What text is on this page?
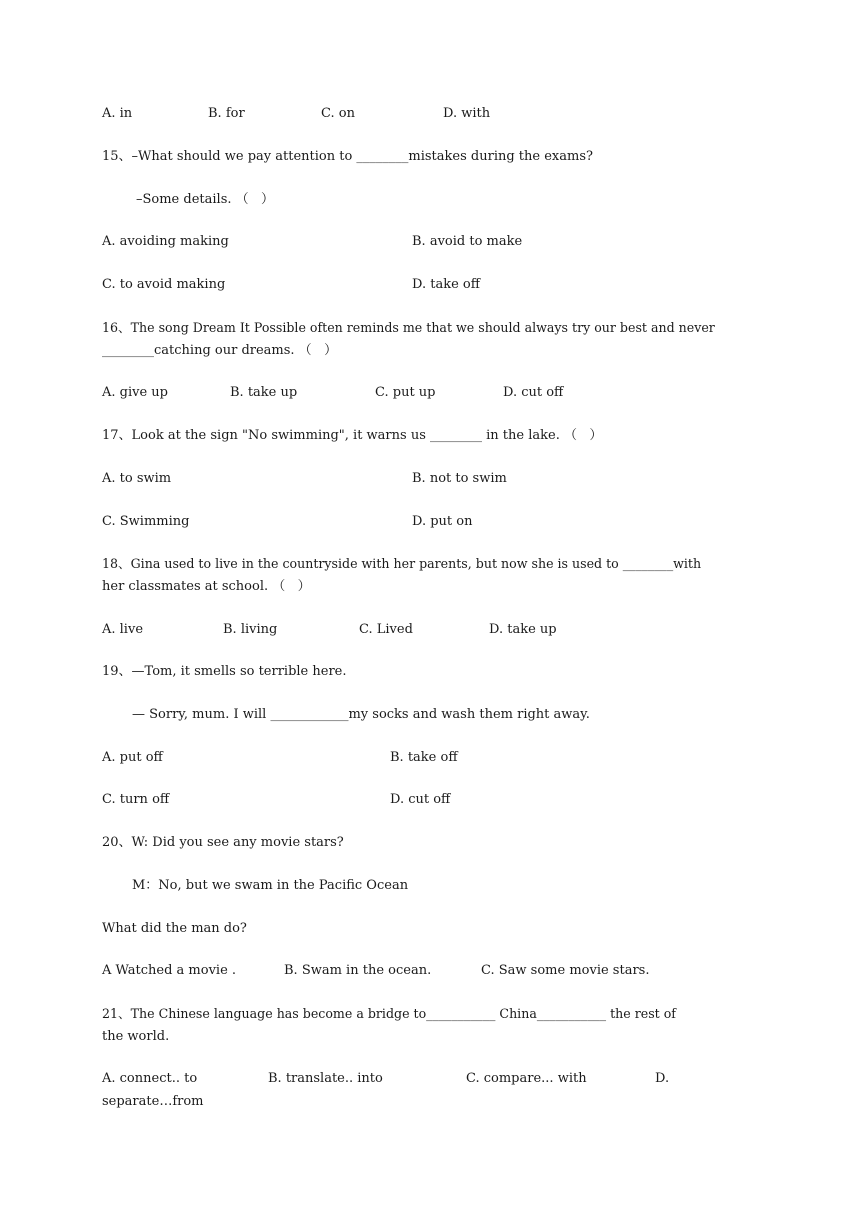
A. in	B. for	C. on	D. with
15、–What should we pay attention to ________mistakes during the exams?
–Some details. （   ）
A. avoiding making	B. avoid to make
C. to avoid making	D. take off
16、The song Dream It Possible often reminds me that we should always try our best and never
________catching our dreams. （   ）
A. give up	B. take up	C. put up	D. cut off
17、Look at the sign "No swimming", it warns us ________ in the lake. （   ）
A. to swim	B. not to swim
C. Swimming	D. put on
18、Gina used to live in the countryside with her parents, but now she is used to ________with
her classmates at school. （   ）
A. live	B. living	C. Lived	D. take up
19、—Tom, it smells so terrible here.
— Sorry, mum. I will ____________my socks and wash them right away.
A. put off	B. take off
C. turn off	D. cut off
20、W: Did you see any movie stars?
M：No, but we swam in the Pacific Ocean
What did the man do?
A Watched a movie .	B. Swam in the ocean.	C. Saw some movie stars.
21、The Chinese language has become a bridge to___________ China___________ the rest of
the world.
A. connect.. to	B. translate.. into	C. compare... with	D.
separate…from
